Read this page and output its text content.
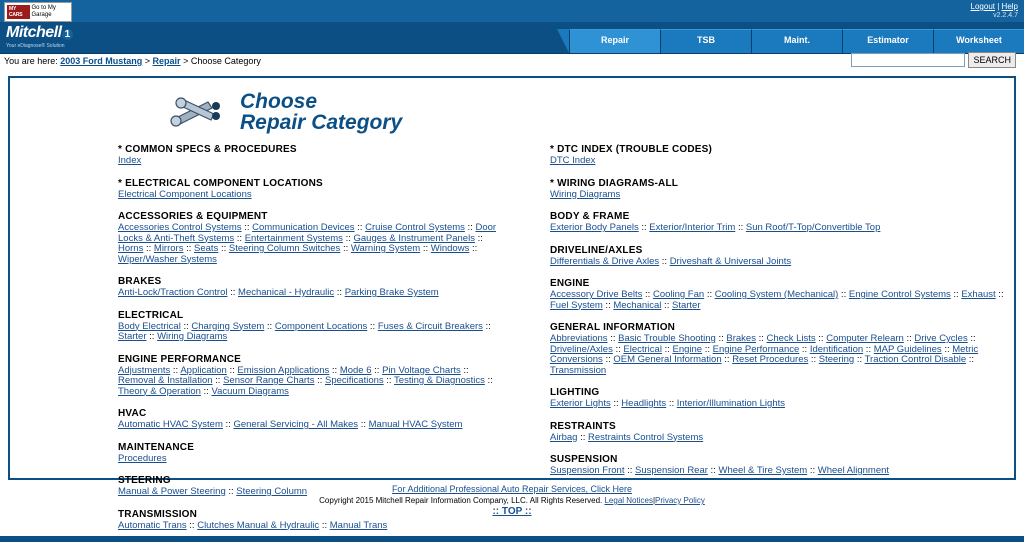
MY CARS
Go to My Garage
Logout | Help
v2.2.4.7
Mitchell 1
Your eDiagnose® Solution
Repair	TSB	Maint.	Estimator	Worksheet
You are here: 2003 Ford Mustang > Repair > Choose Category	SEARCH
Choose
Repair Category
* COMMON SPECS & PROCEDURES
Index
* ELECTRICAL COMPONENT LOCATIONS
Electrical Component Locations
ACCESSORIES & EQUIPMENT
Accessories Control Systems :: Communication Devices :: Cruise Control Systems :: Door Locks & Anti-Theft Systems :: Entertainment Systems :: Gauges & Instrument Panels :: Horns :: Mirrors :: Seats :: Steering Column Switches :: Warning System :: Windows :: Wiper/Washer Systems
BRAKES
Anti-Lock/Traction Control :: Mechanical - Hydraulic :: Parking Brake System
ELECTRICAL
Body Electrical :: Charging System :: Component Locations :: Fuses & Circuit Breakers :: Starter :: Wiring Diagrams
ENGINE PERFORMANCE
Adjustments :: Application :: Emission Applications :: Mode 6 :: Pin Voltage Charts :: Removal & Installation :: Sensor Range Charts :: Specifications :: Testing & Diagnostics :: Theory & Operation :: Vacuum Diagrams
HVAC
Automatic HVAC System :: General Servicing - All Makes :: Manual HVAC System
MAINTENANCE
Procedures
STEERING
Manual & Power Steering :: Steering Column
TRANSMISSION
Automatic Trans :: Clutches Manual & Hydraulic :: Manual Trans
* DTC INDEX (TROUBLE CODES)
DTC Index
* WIRING DIAGRAMS-ALL
Wiring Diagrams
BODY & FRAME
Exterior Body Panels :: Exterior/Interior Trim :: Sun Roof/T-Top/Convertible Top
DRIVELINE/AXLES
Differentials & Drive Axles :: Driveshaft & Universal Joints
ENGINE
Accessory Drive Belts :: Cooling Fan :: Cooling System (Mechanical) :: Engine Control Systems :: Exhaust :: Fuel System :: Mechanical :: Starter
GENERAL INFORMATION
Abbreviations :: Basic Trouble Shooting :: Brakes :: Check Lists :: Computer Relearn :: Drive Cycles :: Driveline/Axles :: Electrical :: Engine :: Engine Performance :: Identification :: MAP Guidelines :: Metric Conversions :: OEM General Information :: Reset Procedures :: Steering :: Traction Control Disable :: Transmission
LIGHTING
Exterior Lights :: Headlights :: Interior/Illumination Lights
RESTRAINTS
Airbag :: Restraints Control Systems
SUSPENSION
Suspension Front :: Suspension Rear :: Wheel & Tire System :: Wheel Alignment
For Additional Professional Auto Repair Services, Click Here
Copyright 2015 Mitchell Repair Information Company, LLC. All Rights Reserved. Legal Notices|Privacy Policy
:: TOP ::
